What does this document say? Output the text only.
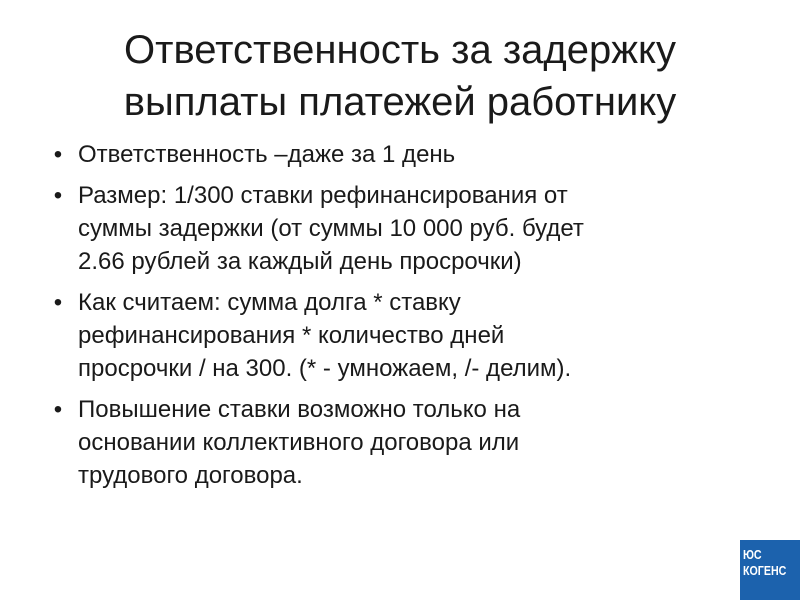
Ответственность за задержку
выплаты платежей работнику
• Ответственность –даже за 1 день
• Размер: 1/300 ставки рефинансирования от
суммы задержки (от суммы 10 000 руб. будет
2.66 рублей за каждый день просрочки)
• Как считаем: сумма долга * ставку
рефинансирования * количество дней
просрочки / на 300. (* - умножаем, /- делим).
• Повышение ставки возможно только на
основании коллективного договора или
трудового договора.
ЮС
КОГЕНС
